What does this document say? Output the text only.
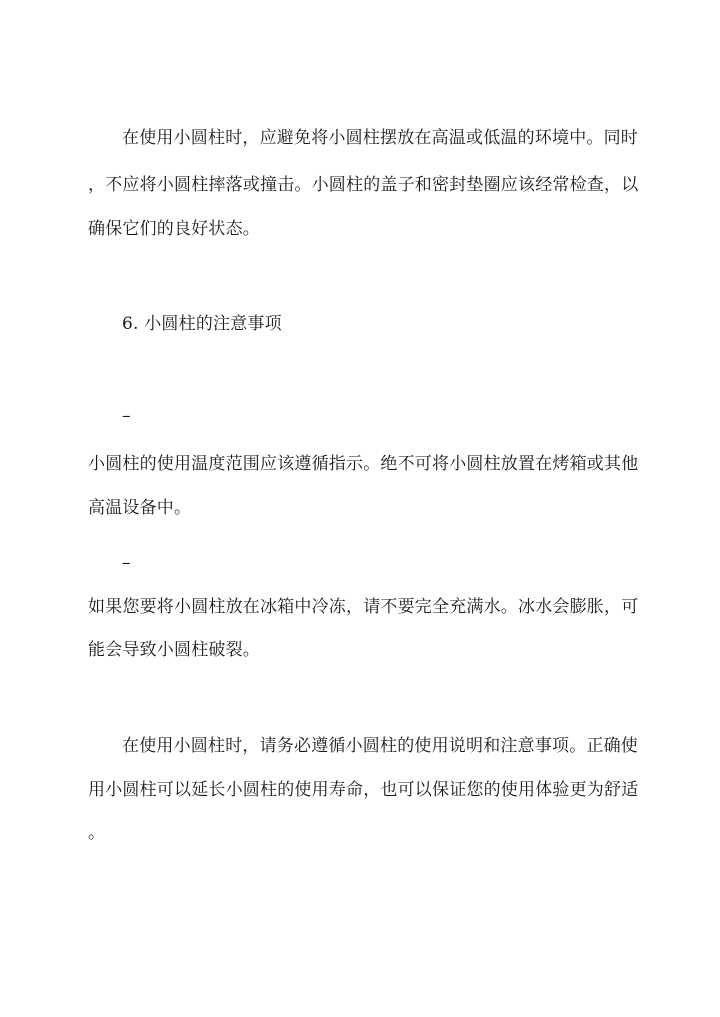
在使用小圆柱时，应避免将小圆柱摆放在高温或低温的环境中。同时
，不应将小圆柱摔落或撞击。小圆柱的盖子和密封垫圈应该经常检查，以
确保它们的良好状态。
6. 小圆柱的注意事项
–
小圆柱的使用温度范围应该遵循指示。绝不可将小圆柱放置在烤箱或其他
高温设备中。
–
如果您要将小圆柱放在冰箱中冷冻，请不要完全充满水。冰水会膨胀，可
能会导致小圆柱破裂。
在使用小圆柱时，请务必遵循小圆柱的使用说明和注意事项。正确使
用小圆柱可以延长小圆柱的使用寿命，也可以保证您的使用体验更为舒适
。
